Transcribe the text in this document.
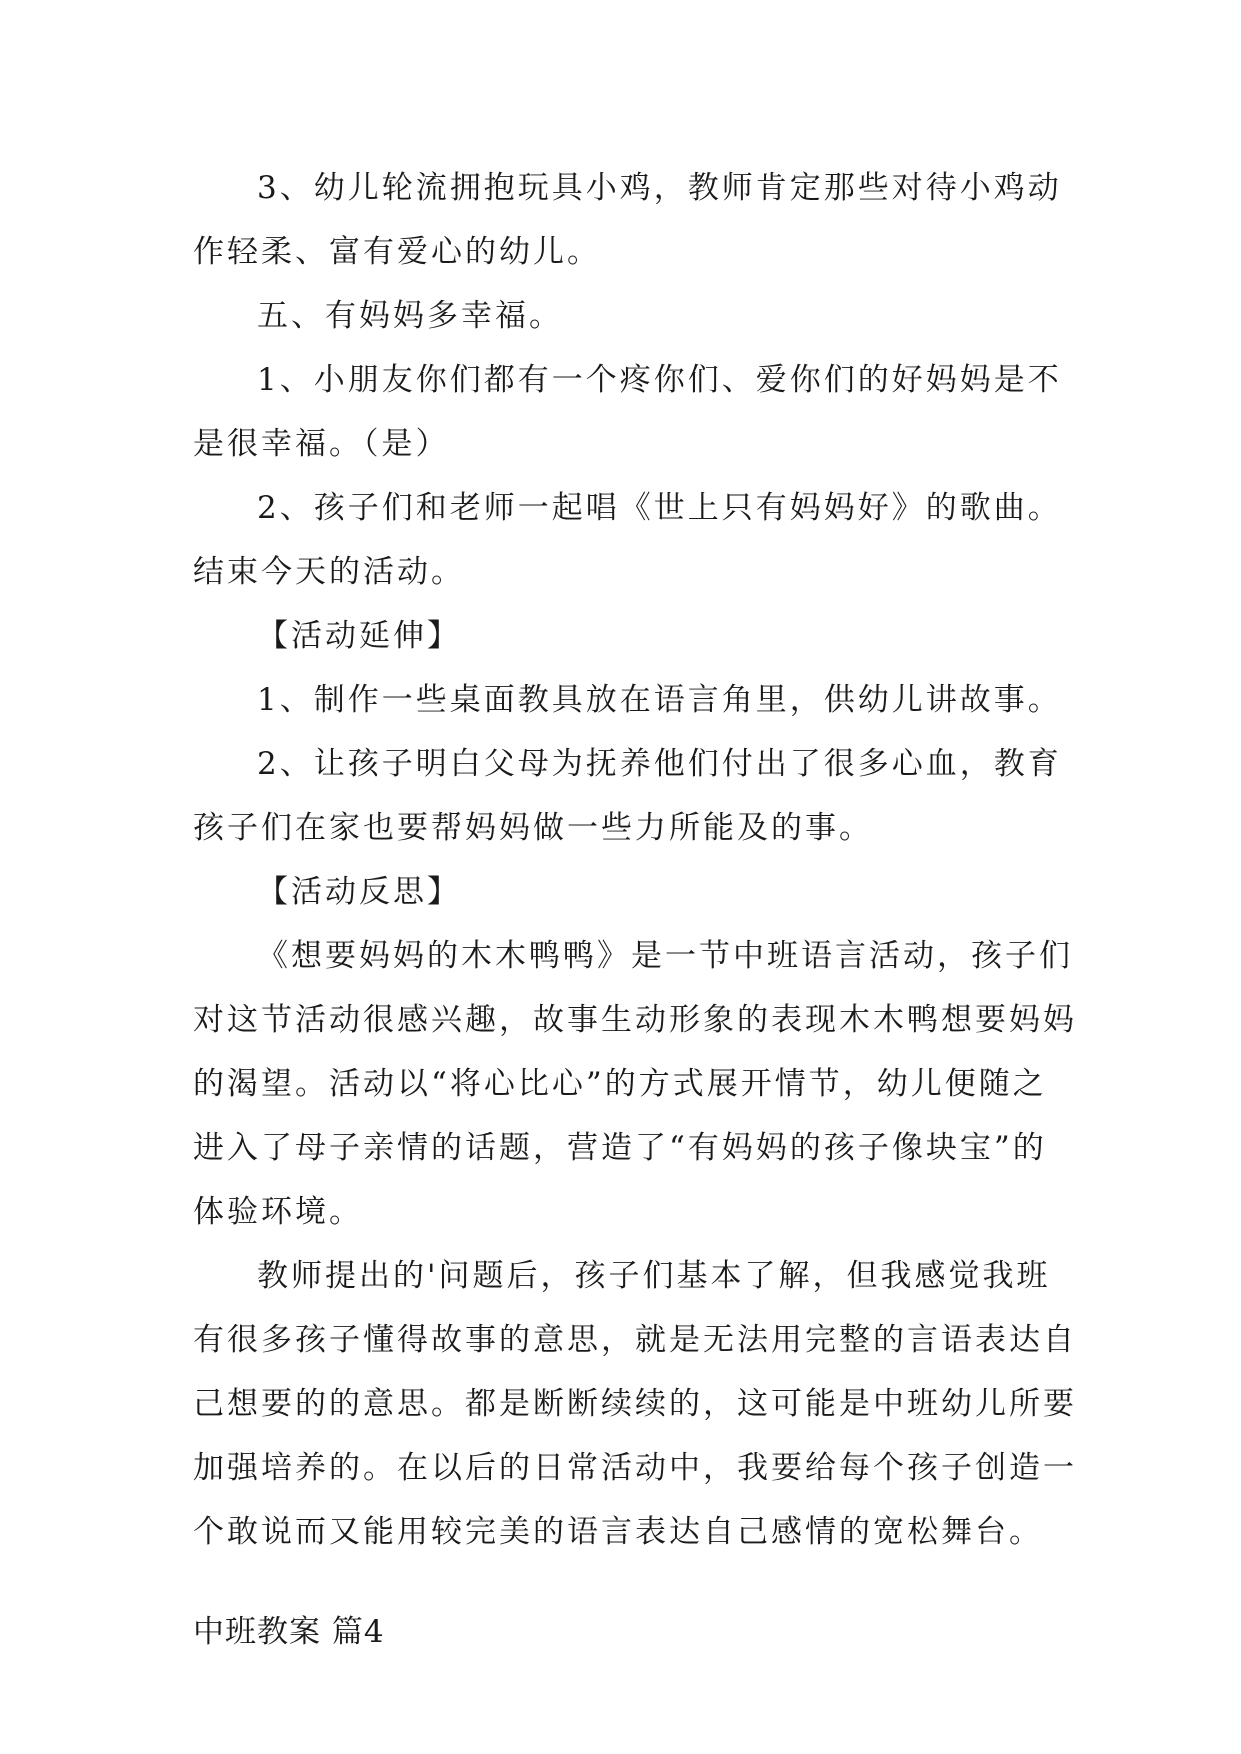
3、幼儿轮流拥抱玩具小鸡，教师肯定那些对待小鸡动
作轻柔、富有爱心的幼儿。
五、有妈妈多幸福。
1、小朋友你们都有一个疼你们、爱你们的好妈妈是不
是很幸福。（是）
2、孩子们和老师一起唱《世上只有妈妈好》的歌曲。
结束今天的活动。
【活动延伸】
1、制作一些桌面教具放在语言角里，供幼儿讲故事。
2、让孩子明白父母为抚养他们付出了很多心血，教育
孩子们在家也要帮妈妈做一些力所能及的事。
【活动反思】
《想要妈妈的木木鸭鸭》是一节中班语言活动，孩子们
对这节活动很感兴趣，故事生动形象的表现木木鸭想要妈妈
的渴望。活动以“将心比心”的方式展开情节，幼儿便随之
进入了母子亲情的话题，营造了“有妈妈的孩子像块宝”的
体验环境。
教师提出的'问题后，孩子们基本了解，但我感觉我班
有很多孩子懂得故事的意思，就是无法用完整的言语表达自
己想要的的意思。都是断断续续的，这可能是中班幼儿所要
加强培养的。在以后的日常活动中，我要给每个孩子创造一
个敢说而又能用较完美的语言表达自己感情的宽松舞台。
中班教案 篇4
